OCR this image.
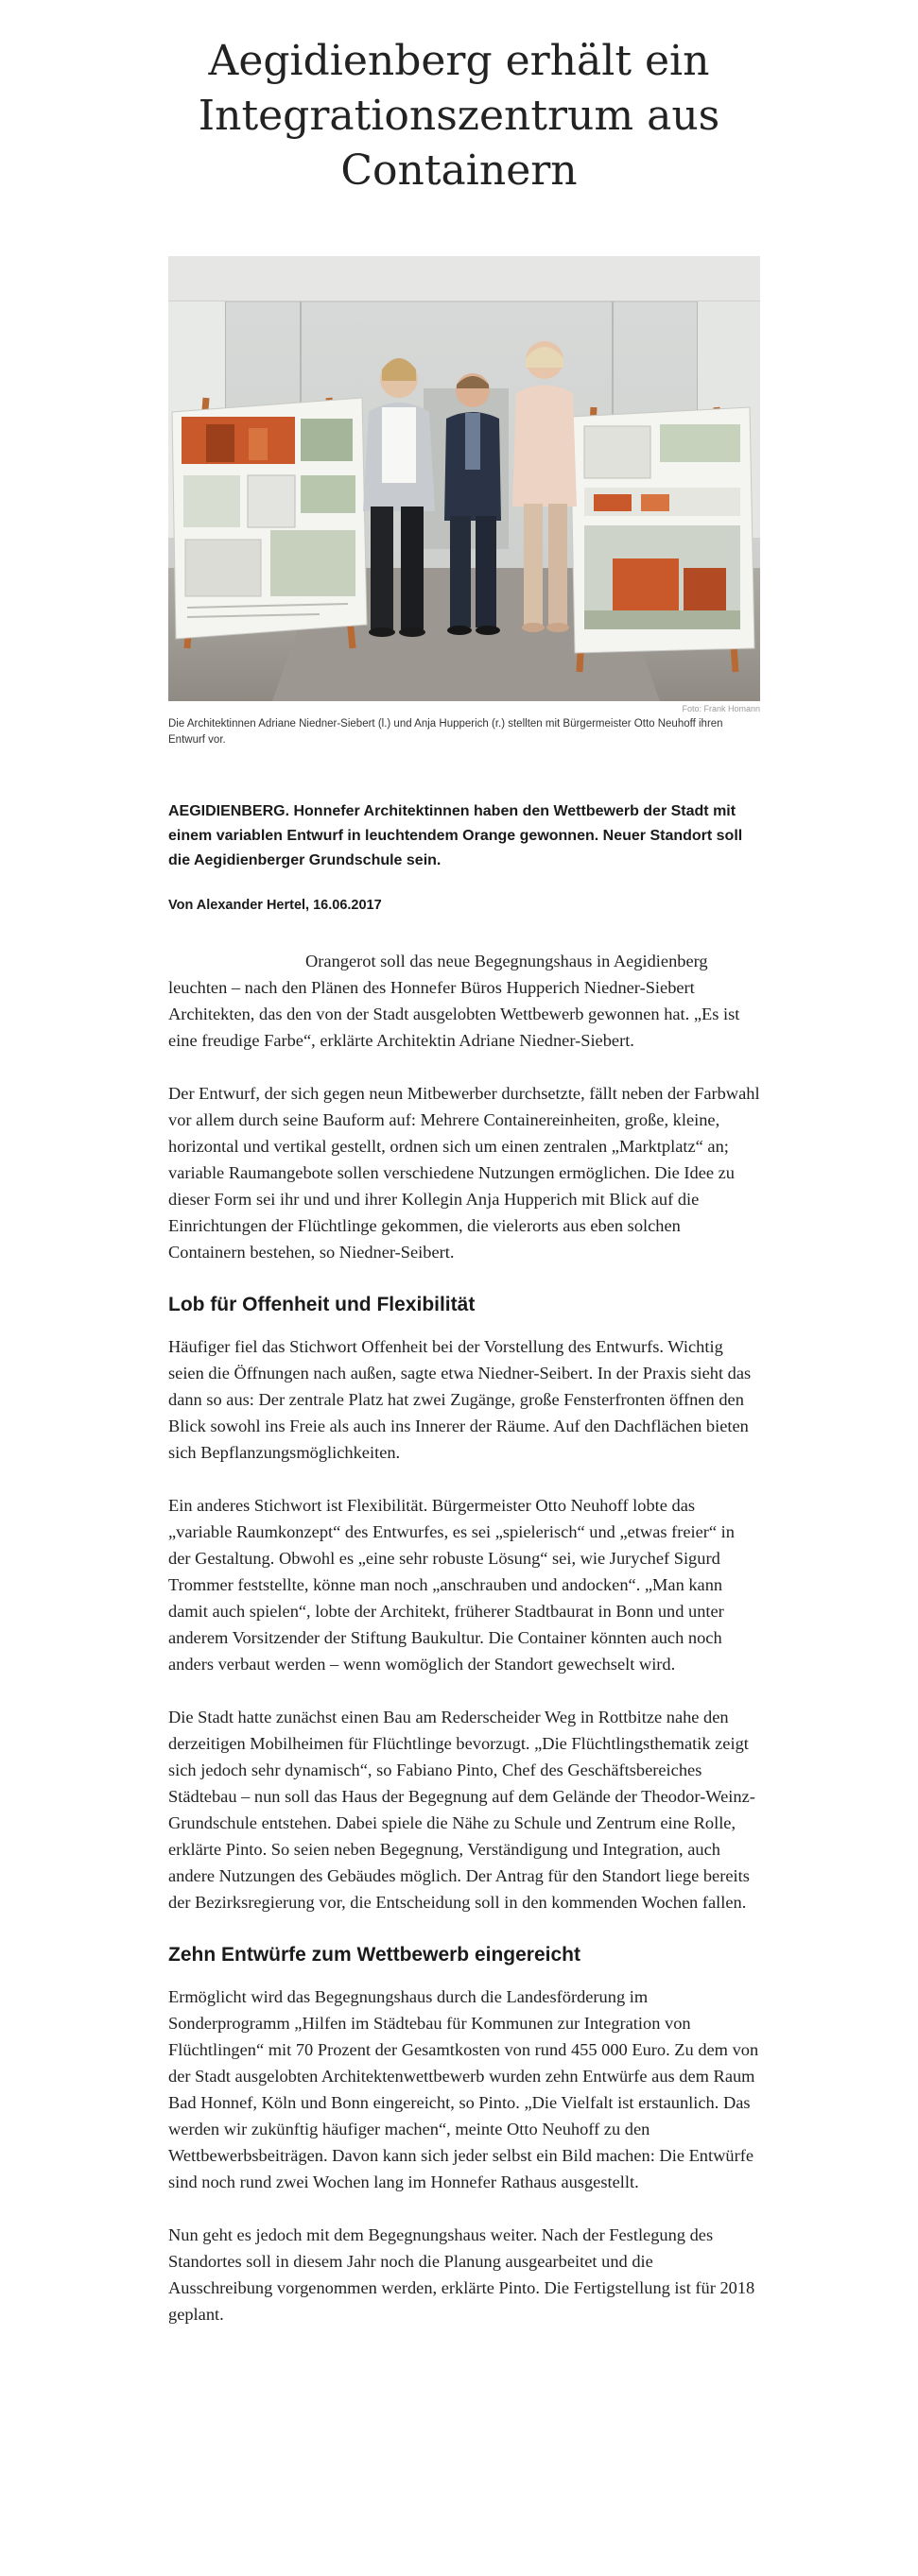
Aegidienberg erhält ein Integrationszentrum aus Containern
Foto: Frank Homann
Die Architektinnen Adriane Niedner-Siebert (l.) und Anja Hupperich (r.) stellten mit Bürgermeister Otto Neuhoff ihren Entwurf vor.

AEGIDIENBERG. Honnefer Architektinnen haben den Wettbewerb der Stadt mit einem variablen Entwurf in leuchtendem Orange gewonnen. Neuer Standort soll die Aegidienberger Grundschule sein.

Von Alexander Hertel, 16.06.2017

Orangerot soll das neue Begegnungshaus in Aegidienberg leuchten – nach den Plänen des Honnefer Büros Hupperich Niedner-Siebert Architekten, das den von der Stadt ausgelobten Wettbewerb gewonnen hat. „Es ist eine freudige Farbe“, erklärte Architektin Adriane Niedner-Siebert.

Der Entwurf, der sich gegen neun Mitbewerber durchsetzte, fällt neben der Farbwahl vor allem durch seine Bauform auf: Mehrere Containereinheiten, große, kleine, horizontal und vertikal gestellt, ordnen sich um einen zentralen „Marktplatz“ an; variable Raumangebote sollen verschiedene Nutzungen ermöglichen. Die Idee zu dieser Form sei ihr und und ihrer Kollegin Anja Hupperich mit Blick auf die Einrichtungen der Flüchtlinge gekommen, die vielerorts aus eben solchen Containern bestehen, so Niedner-Seibert.

Lob für Offenheit und Flexibilität

Häufiger fiel das Stichwort Offenheit bei der Vorstellung des Entwurfs. Wichtig seien die Öffnungen nach außen, sagte etwa Niedner-Seibert. In der Praxis sieht das dann so aus: Der zentrale Platz hat zwei Zugänge, große Fensterfronten öffnen den Blick sowohl ins Freie als auch ins Innerer der Räume. Auf den Dachflächen bieten sich Bepflanzungsmöglichkeiten.

Ein anderes Stichwort ist Flexibilität. Bürgermeister Otto Neuhoff lobte das „variable Raumkonzept“ des Entwurfes, es sei „spielerisch“ und „etwas freier“ in der Gestaltung. Obwohl es „eine sehr robuste Lösung“ sei, wie Jurychef Sigurd Trommer feststellte, könne man noch „anschrauben und andocken“. „Man kann damit auch spielen“, lobte der Architekt, früherer Stadtbaurat in Bonn und unter anderem Vorsitzender der Stiftung Baukultur. Die Container könnten auch noch anders verbaut werden – wenn womöglich der Standort gewechselt wird.

Die Stadt hatte zunächst einen Bau am Rederscheider Weg in Rottbitze nahe den derzeitigen Mobilheimen für Flüchtlinge bevorzugt. „Die Flüchtlingsthematik zeigt sich jedoch sehr dynamisch“, so Fabiano Pinto, Chef des Geschäftsbereiches Städtebau – nun soll das Haus der Begegnung auf dem Gelände der Theodor-Weinz-Grundschule entstehen. Dabei spiele die Nähe zu Schule und Zentrum eine Rolle, erklärte Pinto. So seien neben Begegnung, Verständigung und Integration, auch andere Nutzungen des Gebäudes möglich. Der Antrag für den Standort liege bereits der Bezirksregierung vor, die Entscheidung soll in den kommenden Wochen fallen.

Zehn Entwürfe zum Wettbewerb eingereicht

Ermöglicht wird das Begegnungshaus durch die Landesförderung im Sonderprogramm „Hilfen im Städtebau für Kommunen zur Integration von Flüchtlingen“ mit 70 Prozent der Gesamtkosten von rund 455 000 Euro. Zu dem von der Stadt ausgelobten Architektenwettbewerb wurden zehn Entwürfe aus dem Raum Bad Honnef, Köln und Bonn eingereicht, so Pinto. „Die Vielfalt ist erstaunlich. Das werden wir zukünftig häufiger machen“, meinte Otto Neuhoff zu den Wettbewerbsbeiträgen. Davon kann sich jeder selbst ein Bild machen: Die Entwürfe sind noch rund zwei Wochen lang im Honnefer Rathaus ausgestellt.

Nun geht es jedoch mit dem Begegnungshaus weiter. Nach der Festlegung des Standortes soll in diesem Jahr noch die Planung ausgearbeitet und die Ausschreibung vorgenommen werden, erklärte Pinto. Die Fertigstellung ist für 2018 geplant.
